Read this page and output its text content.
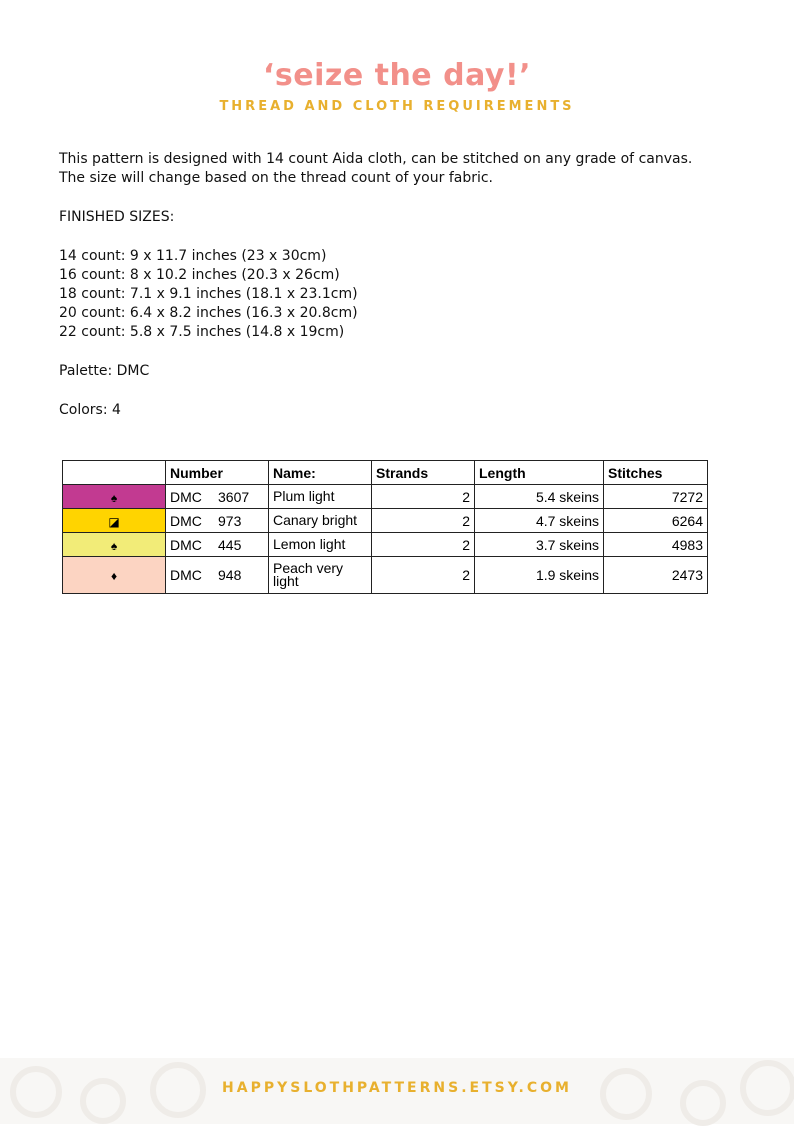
‘seize the day!’
THREAD AND CLOTH REQUIREMENTS
This pattern is designed with 14 count Aida cloth, can be stitched on any grade of canvas. The size will change based on the thread count of your fabric.
FINISHED SIZES:
14 count: 9 x 11.7 inches (23 x 30cm)
16 count: 8 x 10.2 inches (20.3 x 26cm)
18 count: 7.1 x 9.1 inches (18.1 x 23.1cm)
20 count: 6.4 x 8.2 inches (16.3 x 20.8cm)
22 count: 5.8 x 7.5 inches (14.8 x 19cm)
Palette: DMC
Colors: 4
	Number	Name:	Strands	Length	Stitches
♠	DMC 3607	Plum light	2	5.4 skeins	7272
◪	DMC 973	Canary bright	2	4.7 skeins	6264
♠	DMC 445	Lemon light	2	3.7 skeins	4983
♦	DMC 948	Peach very light	2	1.9 skeins	2473
HAPPYSLOTHPATTERNS.ETSY.COM
